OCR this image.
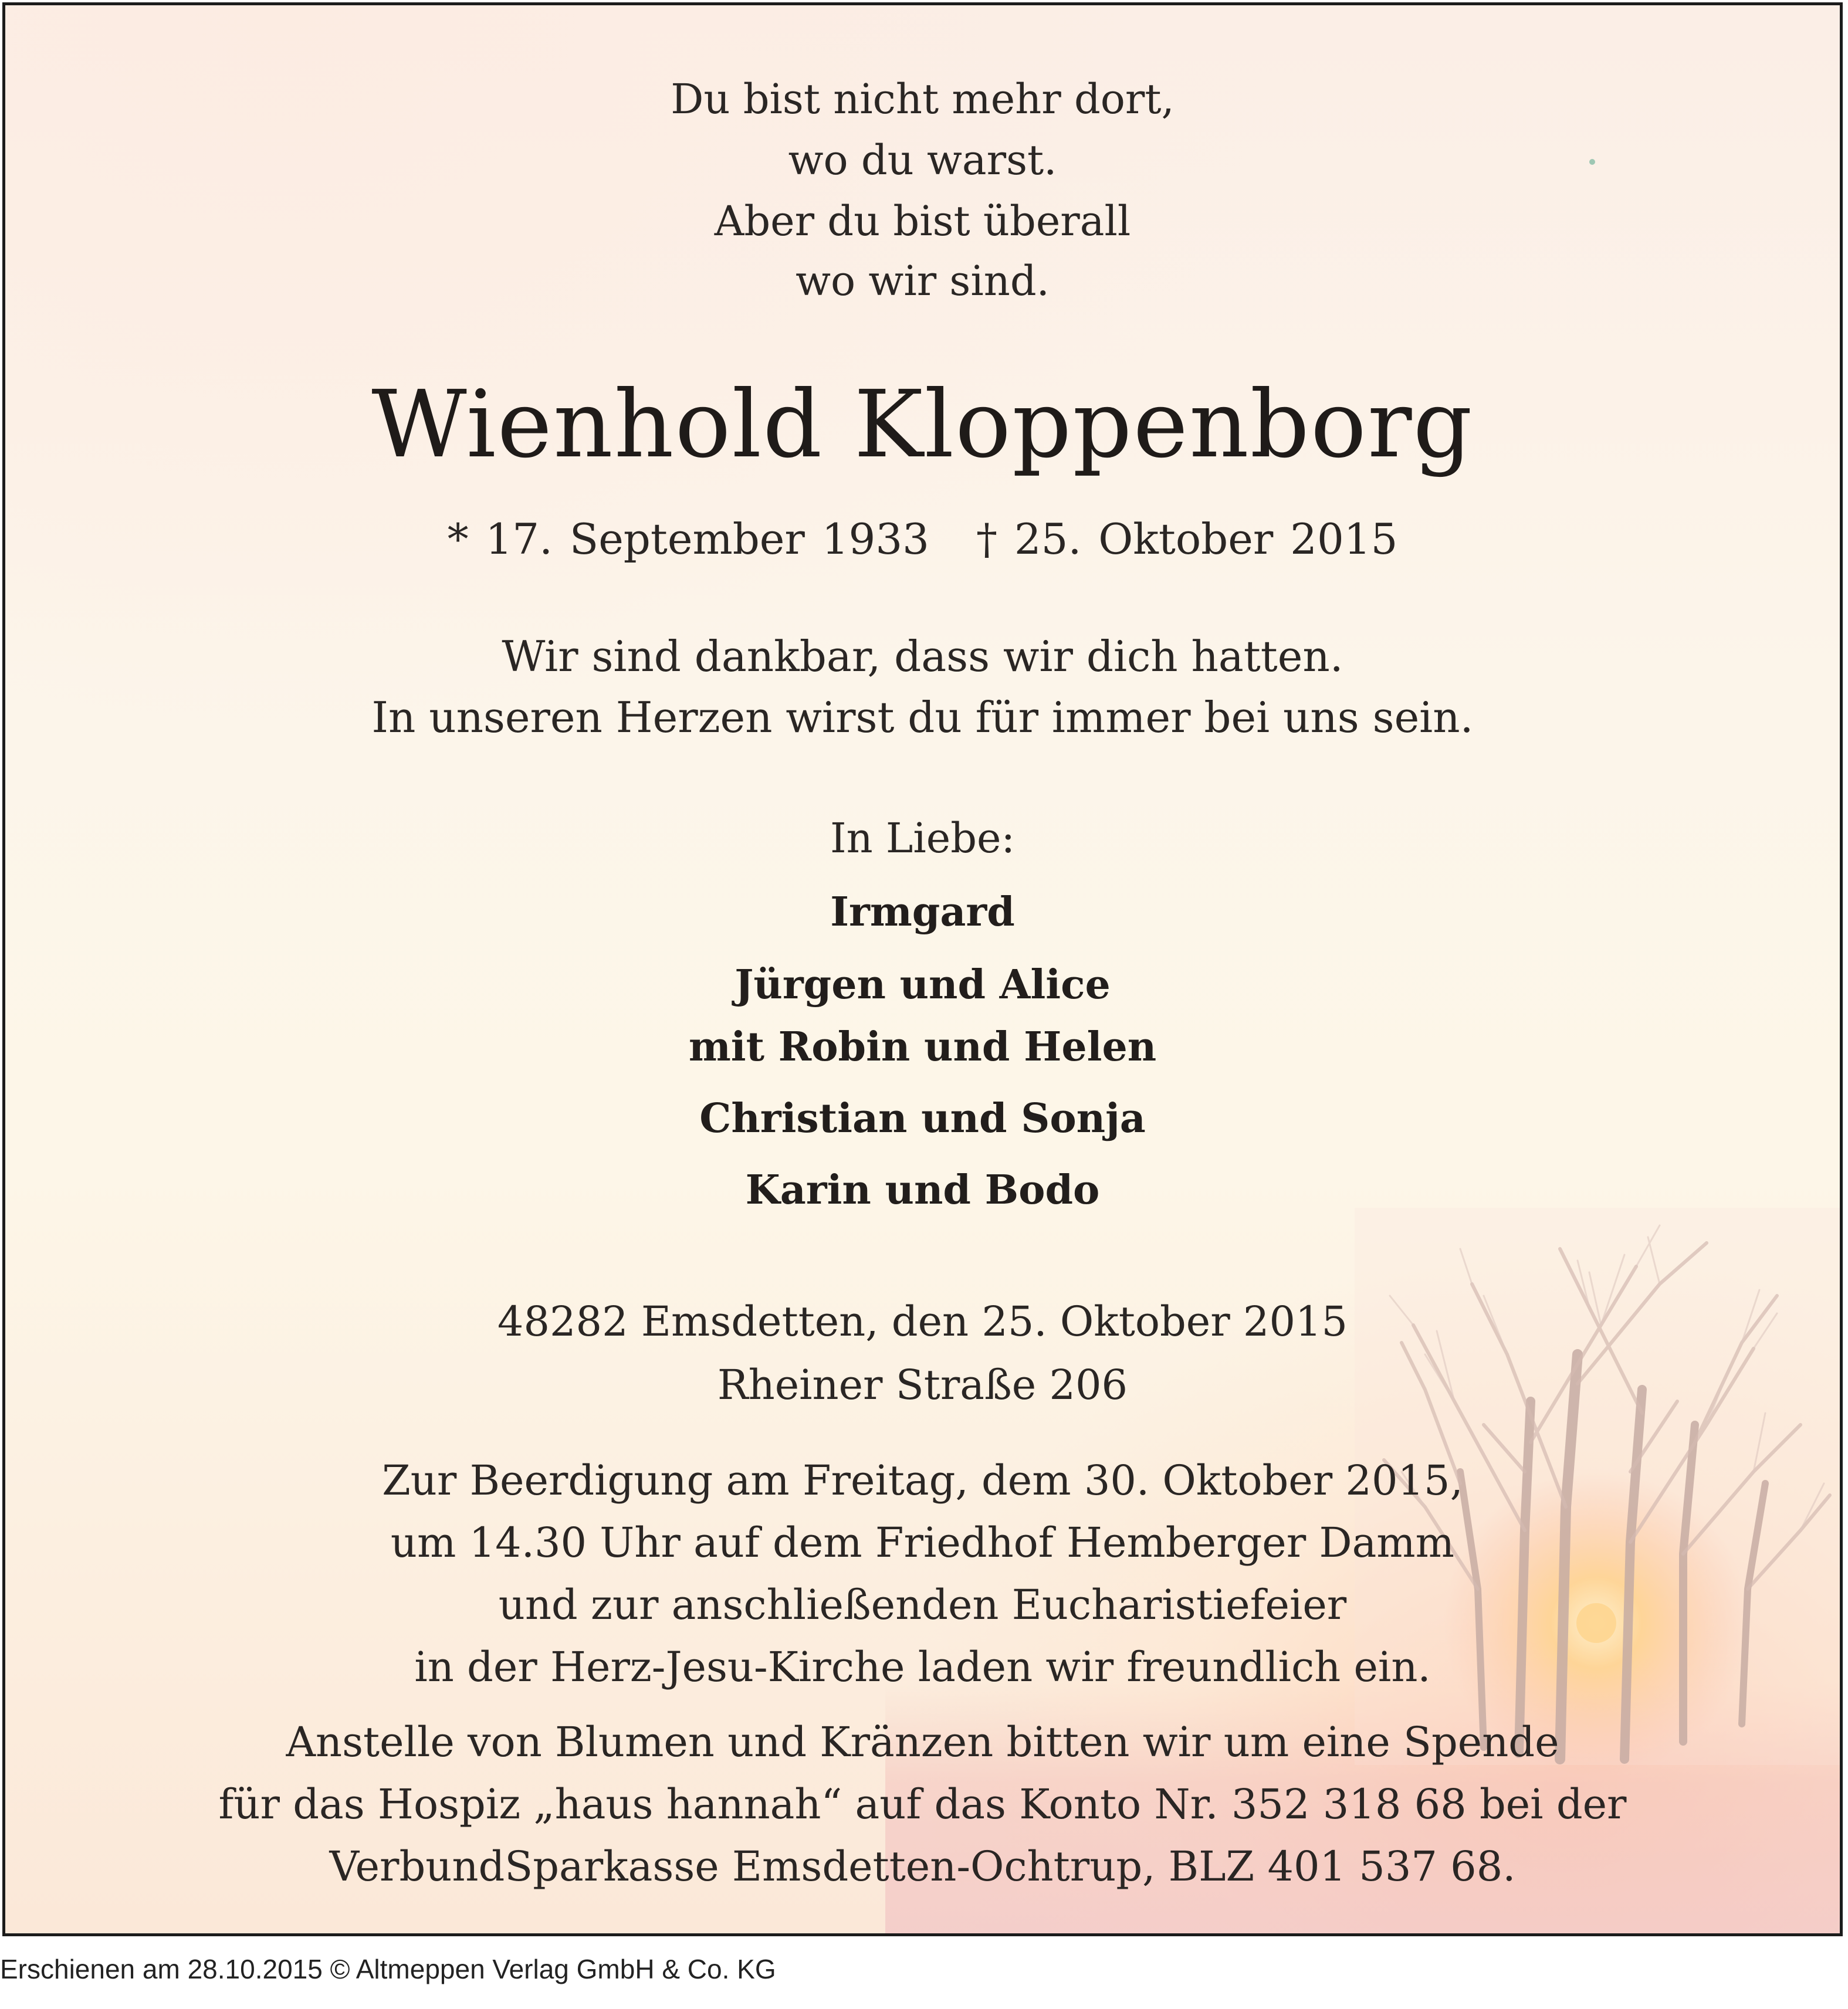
Du bist nicht mehr dort,
wo du warst.
Aber du bist überall
wo wir sind.
Wienhold Kloppenborg
* 17. September 1933 † 25. Oktober 2015
Wir sind dankbar, dass wir dich hatten.
In unseren Herzen wirst du für immer bei uns sein.
In Liebe:
Irmgard
Jürgen und Alice
mit Robin und Helen
Christian und Sonja
Karin und Bodo
48282 Emsdetten, den 25. Oktober 2015
Rheiner Straße 206
Zur Beerdigung am Freitag, dem 30. Oktober 2015,
um 14.30 Uhr auf dem Friedhof Hemberger Damm
und zur anschließenden Eucharistiefeier
in der Herz-Jesu-Kirche laden wir freundlich ein.
Anstelle von Blumen und Kränzen bitten wir um eine Spende
für das Hospiz „haus hannah“ auf das Konto Nr. 352 318 68 bei der
VerbundSparkasse Emsdetten-Ochtrup, BLZ 401 537 68.
Erschienen am 28.10.2015 © Altmeppen Verlag GmbH & Co. KG
